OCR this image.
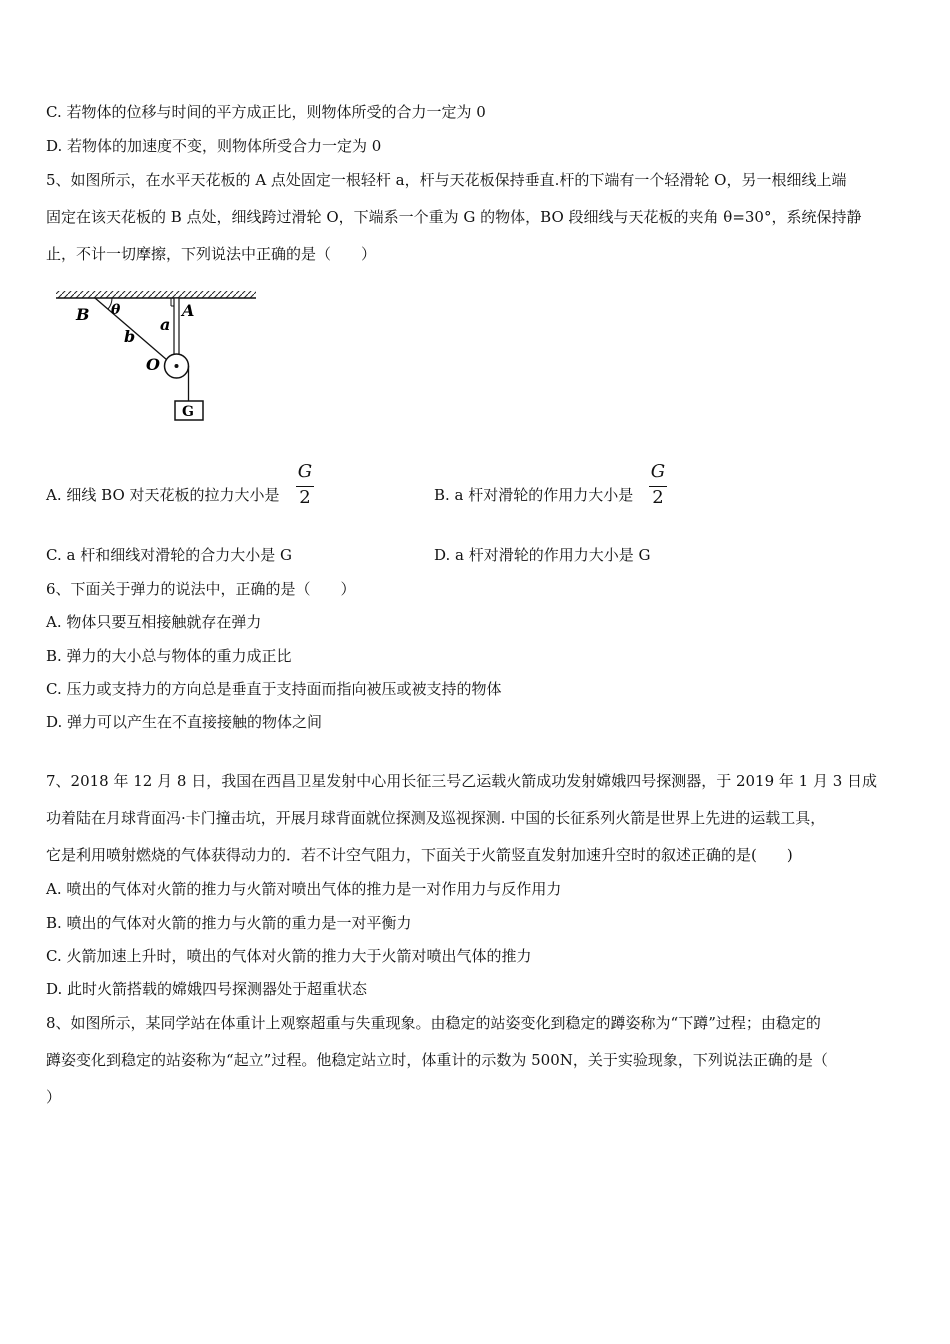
C. 若物体的位移与时间的平方成正比，则物体所受的合力一定为 0
D. 若物体的加速度不变，则物体所受合力一定为 0
5、如图所示，在水平天花板的 A 点处固定一根轻杆 a，杆与天花板保持垂直.杆的下端有一个轻滑轮 O，另一根细线上端
固定在该天花板的 B 点处，细线跨过滑轮 O，下端系一个重为 G 的物体，BO 段细线与天花板的夹角 θ=30°，系统保持静
止，不计一切摩擦，下列说法中正确的是（　　）
B θ	A
a
b
O
G
A. 细线 BO 对天花板的拉力大小是
G
2	B. a 杆对滑轮的作用力大小是
G
2
C. a 杆和细线对滑轮的合力大小是 G	D. a 杆对滑轮的作用力大小是 G
6、下面关于弹力的说法中，正确的是（　　）
A. 物体只要互相接触就存在弹力
B. 弹力的大小总与物体的重力成正比
C. 压力或支持力的方向总是垂直于支持面而指向被压或被支持的物体
D. 弹力可以产生在不直接接触的物体之间
7、2018 年 12 月 8 日，我国在西昌卫星发射中心用长征三号乙运载火箭成功发射嫦娥四号探测器，于 2019 年 1 月 3 日成
功着陆在月球背面冯·卡门撞击坑，开展月球背面就位探测及巡视探测. 中国的长征系列火箭是世界上先进的运载工具，
它是利用喷射燃烧的气体获得动力的．若不计空气阻力，下面关于火箭竖直发射加速升空时的叙述正确的是(　　)
A. 喷出的气体对火箭的推力与火箭对喷出气体的推力是一对作用力与反作用力
B. 喷出的气体对火箭的推力与火箭的重力是一对平衡力
C. 火箭加速上升时，喷出的气体对火箭的推力大于火箭对喷出气体的推力
D. 此时火箭搭载的嫦娥四号探测器处于超重状态
8、如图所示，某同学站在体重计上观察超重与失重现象。由稳定的站姿变化到稳定的蹲姿称为“下蹲”过程；由稳定的
蹲姿变化到稳定的站姿称为“起立”过程。他稳定站立时，体重计的示数为 500N，关于实验现象，下列说法正确的是（
）
